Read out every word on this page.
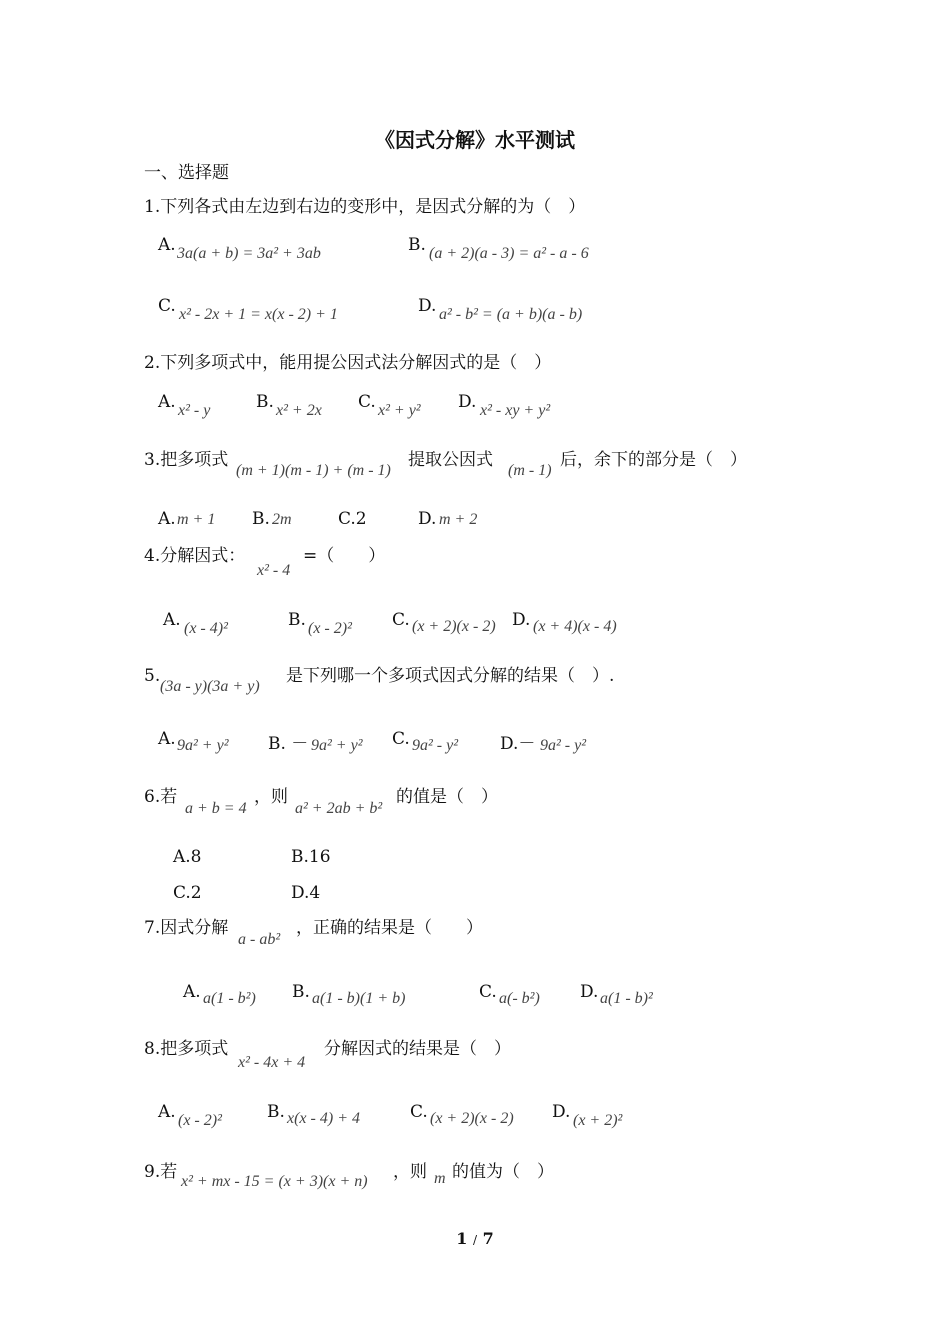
《因式分解》水平测试
一、选择题
1.下列各式由左边到右边的变形中，是因式分解的为（　）
A. 3a(a + b) = 3a² + 3ab	B. (a + 2)(a - 3) = a² - a - 6
C. x² - 2x + 1 = x(x - 2) + 1	D. a² - b² = (a + b)(a - b)
2.下列多项式中，能用提公因式法分解因式的是（　）
A. x² - y	B. x² + 2x C. x² + y² D. x² - xy + y²
3.把多项式
(m + 1)(m - 1) + (m - 1)
提取公因式
(m - 1)
后，余下的部分是（　）
A. m + 1 B. 2m	C.2	D. m + 2
4.分解因式：
x² - 4
=（　　）
A. (x - 4)²	B. (x - 2)² C. (x + 2)(x - 2) D. (x + 4)(x - 4)
5.
(3a - y)(3a + y)
是下列哪一个多项式因式分解的结果（　）.
A. 9a² + y² B. － 9a² + y² C. 9a² - y² D.－ 9a² - y²
6.若
a + b = 4
，则
a² + 2ab + b²
的值是（　）
A.8	B.16
C.2	D.4
7.因式分解
a - ab²
，正确的结果是（　　）
A. a(1 - b²) B. a(1 - b)(1 + b)	C. a(- b²) D. a(1 - b)²
8.把多项式
x² - 4x + 4
分解因式的结果是（　）
A. (x - 2)²	B. x(x - 4) + 4	C. (x + 2)(x - 2) D. (x + 2)²
9.若 x² + mx - 15 = (x + 3)(x + n) ，则 m 的值为（　）
1 / 7
